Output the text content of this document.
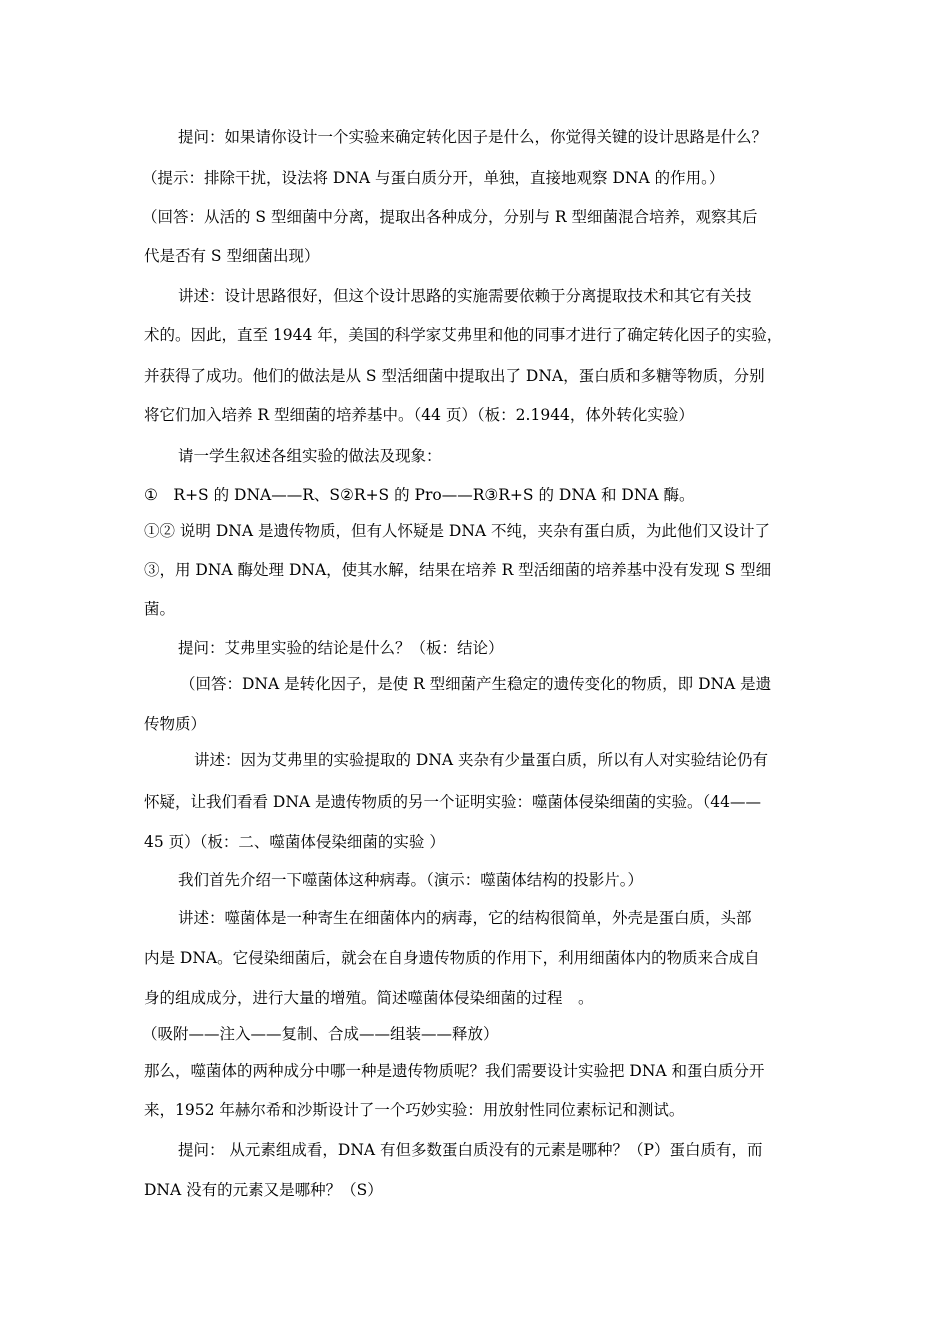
提问：如果请你设计一个实验来确定转化因子是什么，你觉得关键的设计思路是什么？
（提示：排除干扰，设法将 DNA 与蛋白质分开，单独，直接地观察 DNA 的作用。）
（回答：从活的 S 型细菌中分离，提取出各种成分，分别与 R 型细菌混合培养，观察其后
代是否有 S 型细菌出现）
讲述：设计思路很好，但这个设计思路的实施需要依赖于分离提取技术和其它有关技
术的。因此，直至 1944 年，美国的科学家艾弗里和他的同事才进行了确定转化因子的实验，
并获得了成功。他们的做法是从 S 型活细菌中提取出了 DNA，蛋白质和多糖等物质，分别
将它们加入培养 R 型细菌的培养基中。（44 页）（板：2.1944，体外转化实验）
请一学生叙述各组实验的做法及现象：
①　R+S 的 DNA——R、S②R+S 的 Pro——R③R+S 的 DNA 和 DNA 酶。
①② 说明 DNA 是遗传物质，但有人怀疑是 DNA 不纯，夹杂有蛋白质，为此他们又设计了
③，用 DNA 酶处理 DNA，使其水解，结果在培养 R 型活细菌的培养基中没有发现 S 型细
菌。
提问：艾弗里实验的结论是什么？（板：结论）
（回答：DNA 是转化因子，是使 R 型细菌产生稳定的遗传变化的物质，即 DNA 是遗
传物质）
讲述：因为艾弗里的实验提取的 DNA 夹杂有少量蛋白质，所以有人对实验结论仍有
怀疑，让我们看看 DNA 是遗传物质的另一个证明实验：噬菌体侵染细菌的实验。（44——
45 页）（板：二、噬菌体侵染细菌的实验 ）
我们首先介绍一下噬菌体这种病毒。（演示：噬菌体结构的投影片。）
讲述：噬菌体是一种寄生在细菌体内的病毒，它的结构很简单，外壳是蛋白质，头部
内是 DNA。它侵染细菌后，就会在自身遗传物质的作用下，利用细菌体内的物质来合成自
身的组成成分，进行大量的增殖。简述噬菌体侵染细菌的过程　。
（吸附——注入——复制、合成——组装——释放）
那么，噬菌体的两种成分中哪一种是遗传物质呢？我们需要设计实验把 DNA 和蛋白质分开
来，1952 年赫尔希和沙斯设计了一个巧妙实验：用放射性同位素标记和测试。
提问： 从元素组成看，DNA 有但多数蛋白质没有的元素是哪种？（P）蛋白质有，而
DNA 没有的元素又是哪种？（S）
